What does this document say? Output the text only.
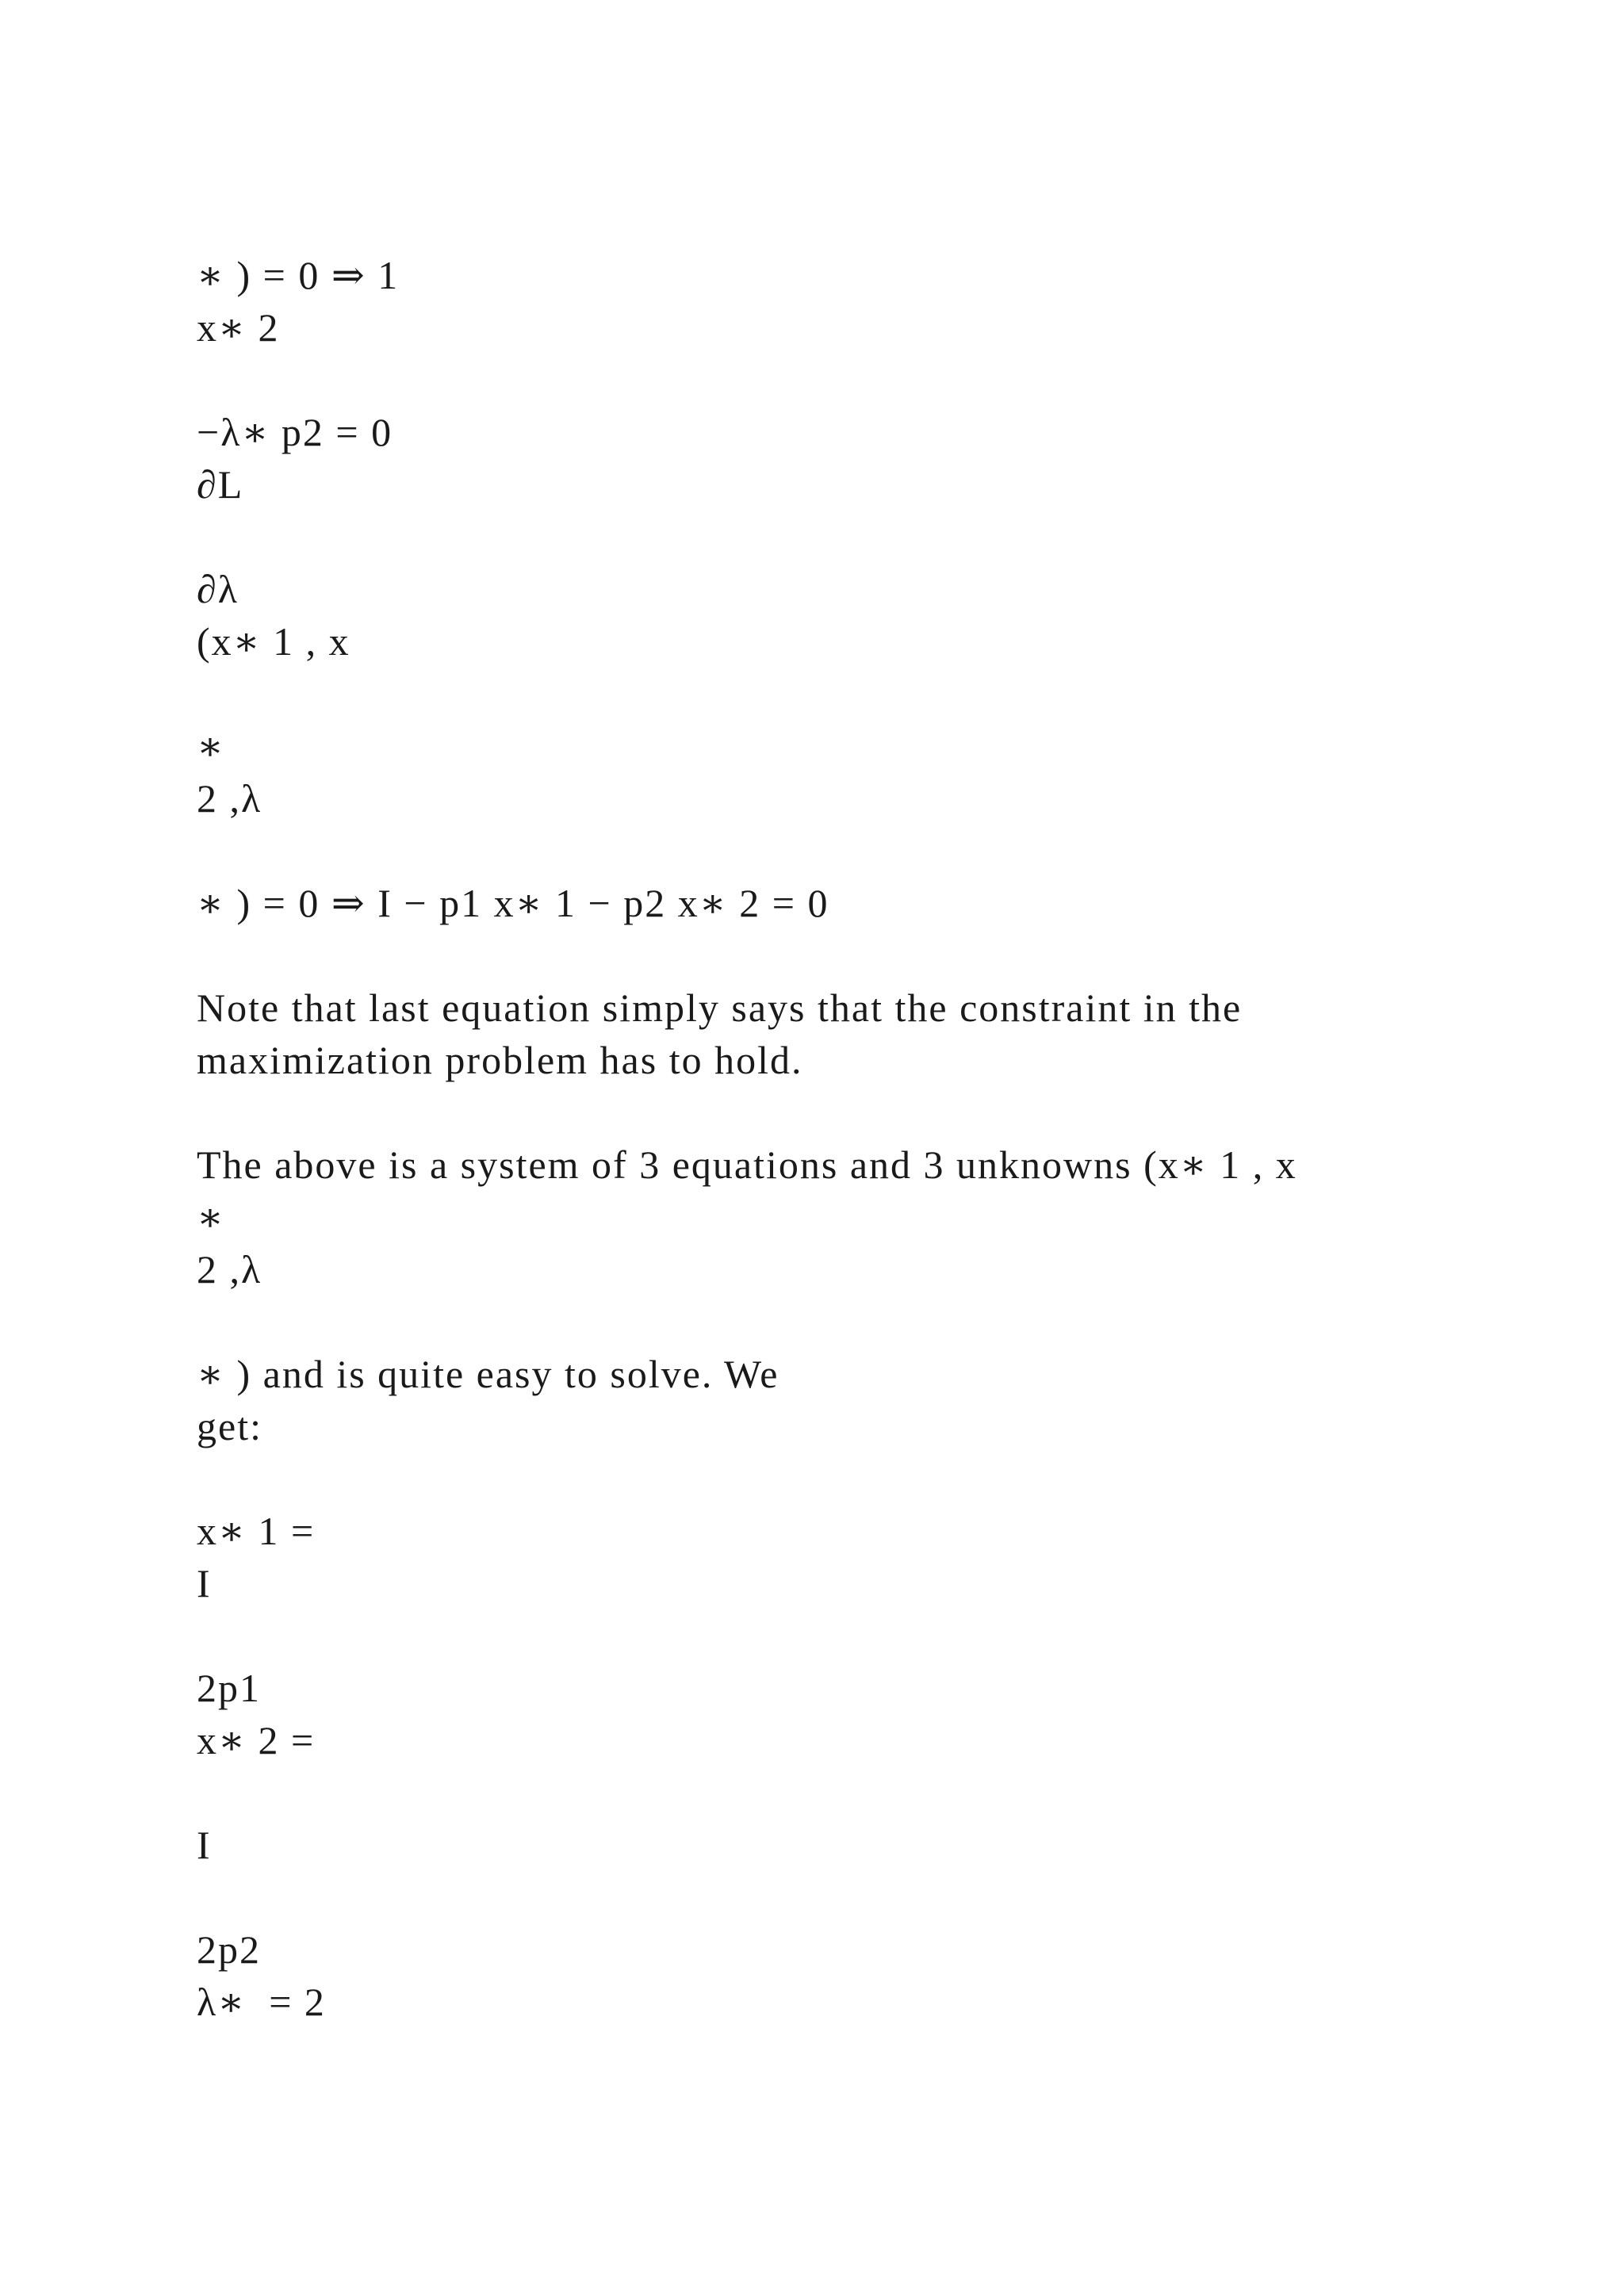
∗ ) = 0 ⇒ 1
x∗ 2
−λ∗ p2 = 0
∂L
∂λ
(x∗ 1 , x
∗
2 ,λ
∗ ) = 0 ⇒ I − p1 x∗ 1 − p2 x∗ 2 = 0
Note that last equation simply says that the constraint in the
maximization problem has to hold.
The above is a system of 3 equations and 3 unknowns (x∗ 1 , x
∗
2 ,λ
∗ ) and is quite easy to solve. We
get:
x∗ 1 =
I
2p1
x∗ 2 =
I
2p2
λ∗  = 2
